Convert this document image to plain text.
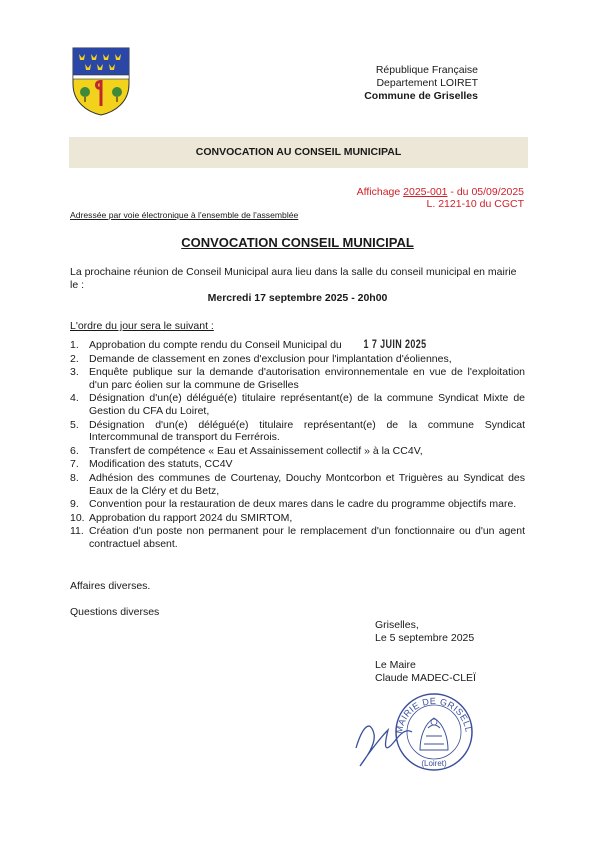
République Française
Departement LOIRET
Commune de Griselles
CONVOCATION AU CONSEIL MUNICIPAL
Affichage 2025-001 - du 05/09/2025
L. 2121-10 du CGCT
Adressée par voie électronique à l'ensemble de l'assemblée
CONVOCATION CONSEIL MUNICIPAL
La prochaine réunion de Conseil Municipal aura lieu dans la salle du conseil municipal en mairie le :
Mercredi 17 septembre 2025 - 20h00
L'ordre du jour sera le suivant :
1. Approbation du compte rendu du Conseil Municipal du
2. Demande de classement en zones d'exclusion pour l'implantation d'éoliennes,
3. Enquête publique sur la demande d'autorisation environnementale en vue de l'exploitation d'un parc éolien sur la commune de Griselles
4. Désignation d'un(e) délégué(e) titulaire représentant(e) de la commune Syndicat Mixte de Gestion du CFA du Loiret,
5. Désignation d'un(e) délégué(e) titulaire représentant(e) de la commune Syndicat Intercommunal de transport du Ferrérois.
6. Transfert de compétence « Eau et Assainissement collectif » à la CC4V,
7. Modification des statuts, CC4V
8. Adhésion des communes de Courtenay, Douchy Montcorbon et Triguères au Syndicat des Eaux de la Cléry et du Betz,
9. Convention pour la restauration de deux mares dans le cadre du programme objectifs mare.
10. Approbation du rapport 2024 du SMIRTOM,
11. Création d'un poste non permanent pour le remplacement d'un fonctionnaire ou d'un agent contractuel absent.
1 7 JUIN 2025
Affaires diverses.
Questions diverses
Griselles,
Le 5 septembre 2025
Le Maire
Claude MADEC-CLEÏ
MAIRIE DE GRISELL
(Loiret)
